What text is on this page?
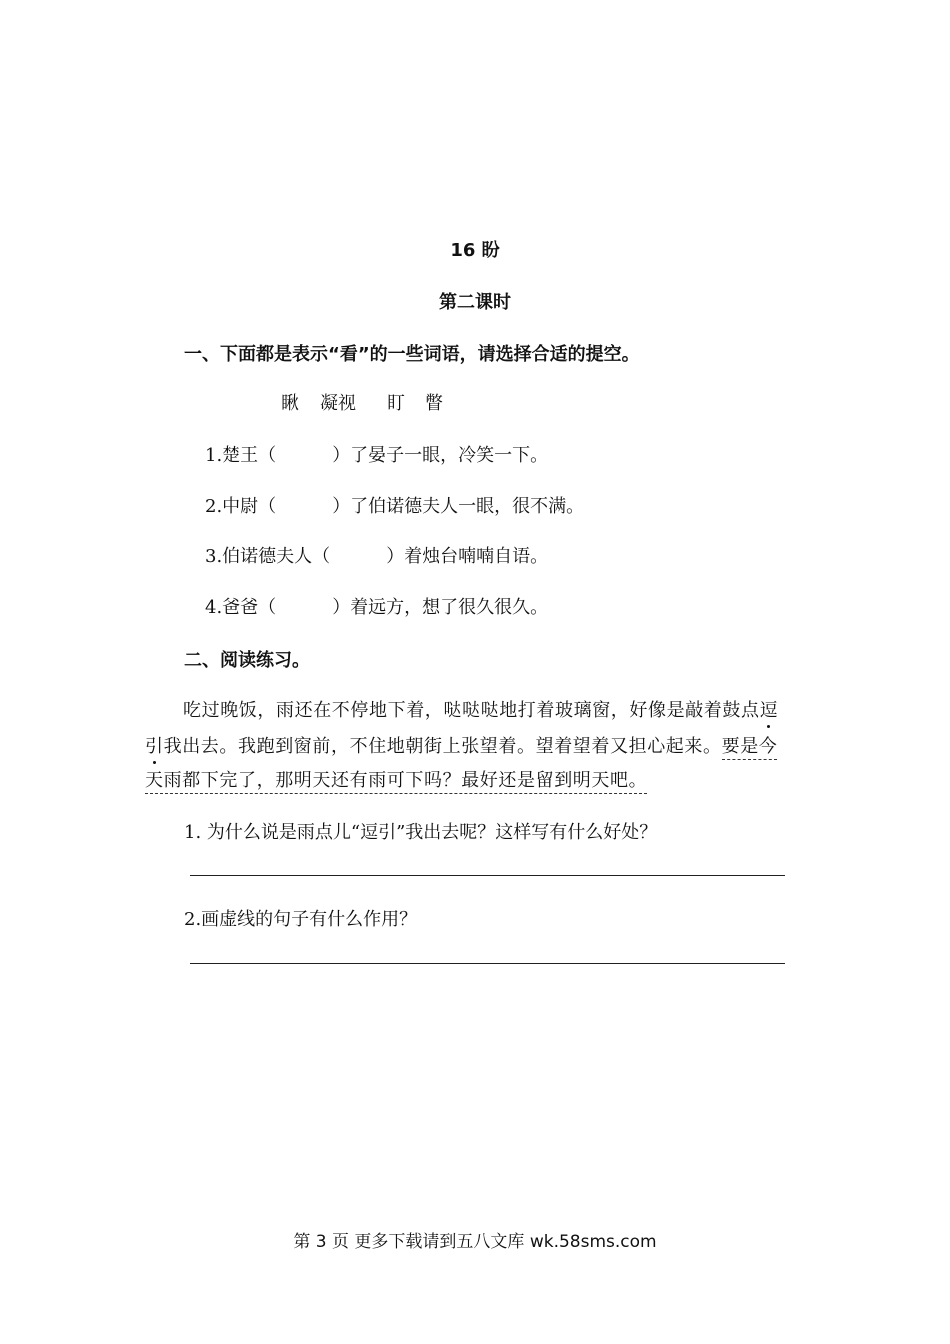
16 盼
第二课时
一、下面都是表示“看”的一些词语，请选择合适的提空。
瞅 凝视 盯 瞥
1.楚王（	）了晏子一眼，冷笑一下。
2.中尉（	）了伯诺德夫人一眼，很不满。
3.伯诺德夫人（	）着烛台喃喃自语。
4.爸爸（	）着远方，想了很久很久。
二、阅读练习。
吃过晚饭，雨还在不停地下着，哒哒哒地打着玻璃窗，好像是敲着鼓点逗
引我出去。我跑到窗前，不住地朝街上张望着。望着望着又担心起来。要是今
天雨都下完了，那明天还有雨可下吗？最好还是留到明天吧。
1. 为什么说是雨点儿“逗引”我出去呢？这样写有什么好处？
2.画虚线的句子有什么作用？
第 3 页 更多下载请到五八文库 wk.58sms.com
